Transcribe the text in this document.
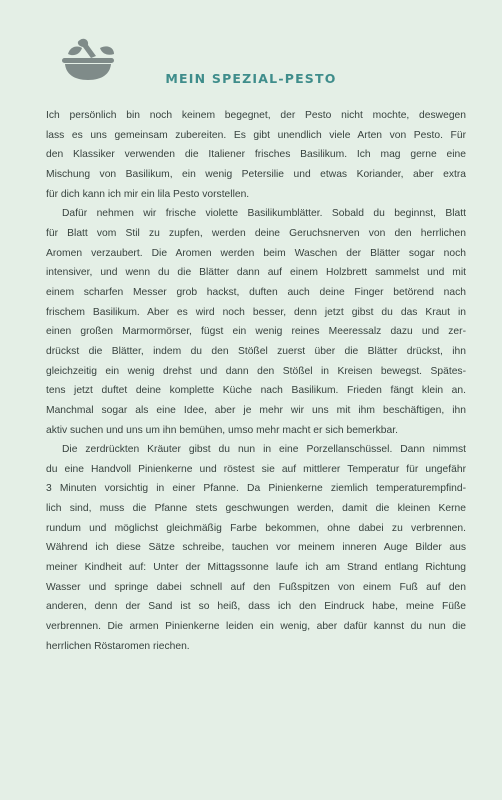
MEIN SPEZIAL-PESTO

Ich persönlich bin noch keinem begegnet, der Pesto nicht mochte, deswegen
lass es uns gemeinsam zubereiten. Es gibt unendlich viele Arten von Pesto. Für
den Klassiker verwenden die Italiener frisches Basilikum. Ich mag gerne eine
Mischung von Basilikum, ein wenig Petersilie und etwas Koriander, aber extra
für dich kann ich mir ein lila Pesto vorstellen.

Dafür nehmen wir frische violette Basilikumblätter. Sobald du beginnst, Blatt
für Blatt vom Stil zu zupfen, werden deine Geruchsnerven von den herrlichen
Aromen verzaubert. Die Aromen werden beim Waschen der Blätter sogar noch
intensiver, und wenn du die Blätter dann auf einem Holzbrett sammelst und mit
einem scharfen Messer grob hackst, duften auch deine Finger betörend nach
frischem Basilikum. Aber es wird noch besser, denn jetzt gibst du das Kraut in
einen großen Marmormörser, fügst ein wenig reines Meeressalz dazu und zer-
drückst die Blätter, indem du den Stößel zuerst über die Blätter drückst, ihn
gleichzeitig ein wenig drehst und dann den Stößel in Kreisen bewegst. Spätes-
tens jetzt duftet deine komplette Küche nach Basilikum. Frieden fängt klein an.
Manchmal sogar als eine Idee, aber je mehr wir uns mit ihm beschäftigen, ihn
aktiv suchen und uns um ihn bemühen, umso mehr macht er sich bemerkbar.

Die zerdrückten Kräuter gibst du nun in eine Porzellanschüssel. Dann nimmst
du eine Handvoll Pinienkerne und röstest sie auf mittlerer Temperatur für ungefähr
3 Minuten vorsichtig in einer Pfanne. Da Pinienkerne ziemlich temperaturempfind-
lich sind, muss die Pfanne stets geschwungen werden, damit die kleinen Kerne
rundum und möglichst gleichmäßig Farbe bekommen, ohne dabei zu verbrennen.
Während ich diese Sätze schreibe, tauchen vor meinem inneren Auge Bilder aus
meiner Kindheit auf: Unter der Mittagssonne laufe ich am Strand entlang Richtung
Wasser und springe dabei schnell auf den Fußspitzen von einem Fuß auf den
anderen, denn der Sand ist so heiß, dass ich den Eindruck habe, meine Füße
verbrennen. Die armen Pinienkerne leiden ein wenig, aber dafür kannst du nun die
herrlichen Röstaromen riechen.
